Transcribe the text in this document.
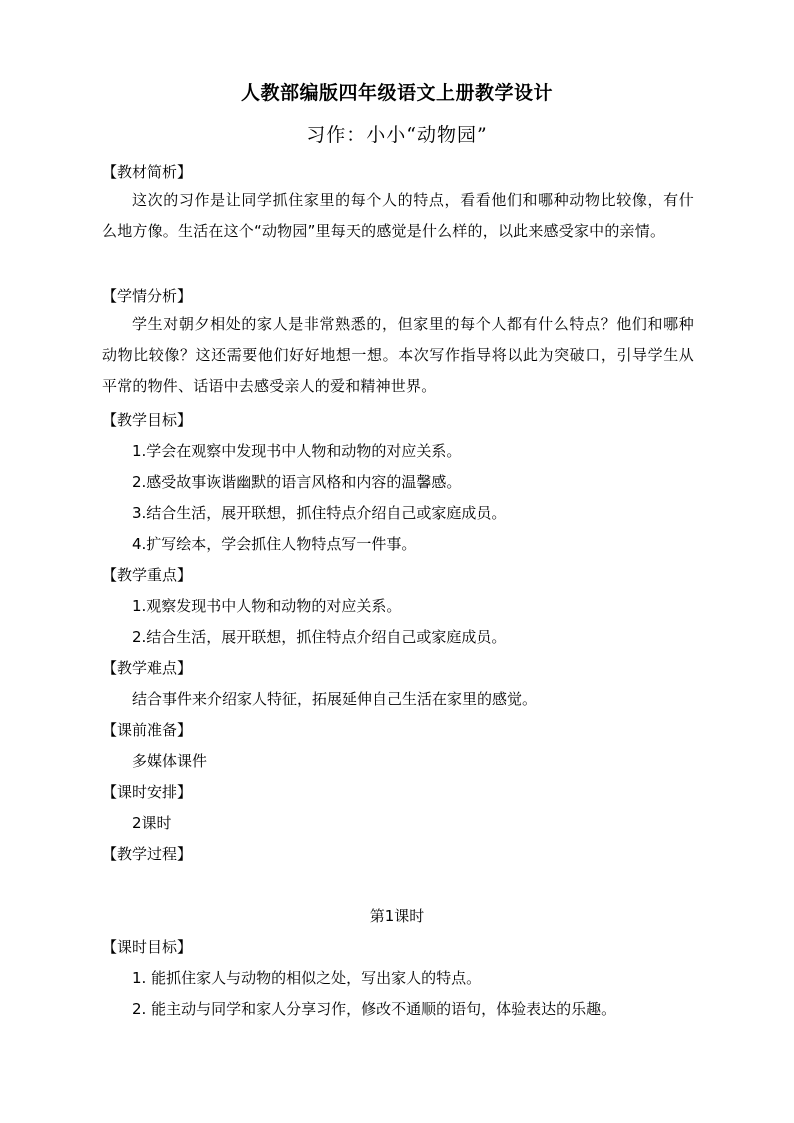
人教部编版四年级语文上册教学设计
习作：小小“动物园”
【教材简析】
这次的习作是让同学抓住家里的每个人的特点，看看他们和哪种动物比较像，有什么地方像。生活在这个“动物园”里每天的感觉是什么样的，以此来感受家中的亲情。
【学情分析】
学生对朝夕相处的家人是非常熟悉的，但家里的每个人都有什么特点？他们和哪种动物比较像？这还需要他们好好地想一想。本次写作指导将以此为突破口，引导学生从平常的物件、话语中去感受亲人的爱和精神世界。
【教学目标】
1.学会在观察中发现书中人物和动物的对应关系。
2.感受故事诙谐幽默的语言风格和内容的温馨感。
3.结合生活，展开联想，抓住特点介绍自己或家庭成员。
4.扩写绘本，学会抓住人物特点写一件事。
【教学重点】
1.观察发现书中人物和动物的对应关系。
2.结合生活，展开联想，抓住特点介绍自己或家庭成员。
【教学难点】
结合事件来介绍家人特征，拓展延伸自己生活在家里的感觉。
【课前准备】
多媒体课件
【课时安排】
2课时
【教学过程】
第1课时
【课时目标】
1. 能抓住家人与动物的相似之处，写出家人的特点。
2. 能主动与同学和家人分享习作，修改不通顺的语句，体验表达的乐趣。
